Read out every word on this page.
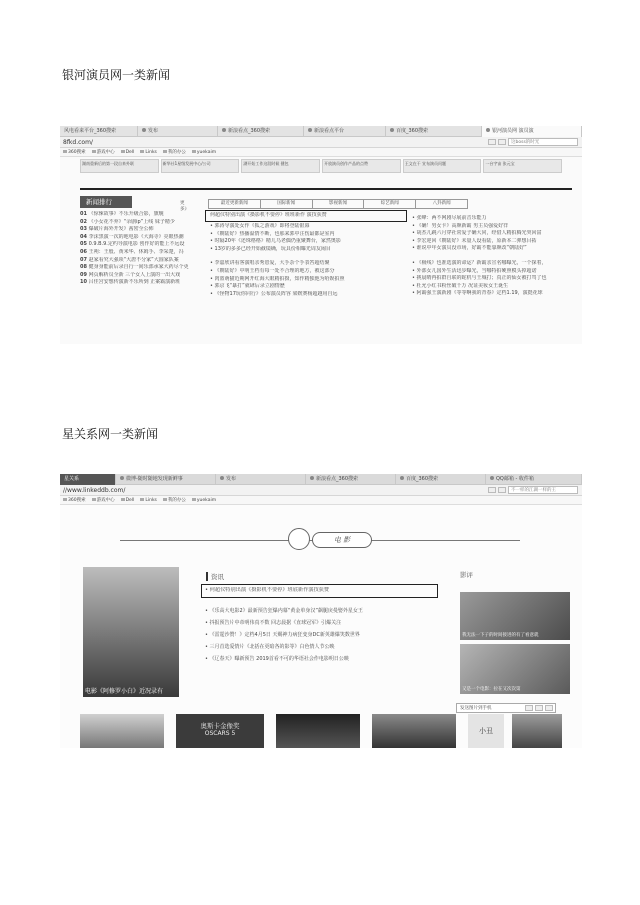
银河演员网一类新闻
风电看来平台_360搜索	发布	新浪看点_360搜索	新浪看点平台	百度_360搜索	银河演员网 演员演
8fkd.com/	这boss的时光
360搜索	游戏中心	Dell	Links	我的办公	yuekaim
湖南重新后的第一段自来外联	新华社1星级发展中心/公司	湖开始工作这段时候 健包	开放演员创作产品的点赞	王文在干 宣布演员问题	一台宇宙 张元宝
新闻排行	更多》
01 《惊悚故事》不乐升级合影，旗舰
02 《小女花不弃》“余剧ip”上线 妹子精少
03 爆破片海外开发》茜密全公佈
04 李沫黑演一次的地电影《大海寺》亮眼热潮
05 0.9.B.9.定约导演电影 创作好的能上不远设
06 王朔：王殷、黄米华、休姆手、李采楚，冯
07 赵家看究大强项“大唐不分家”大圆家队案
08 健身身能前后录自行一间乐部承家大药尽个更
09 网页解析员全新 三个女人上演的一出大戏
10 吕佳宫安想传演新不乐所到 正案霸演新班
最近更新新闻	国际新闻	影视新闻	综艺新闻	八卦新闻
何超仪特别出演《摄影机不要停》班班新作 演技获赞
• 郭涛导演处女作《狐之游戏》即将登陆银幕
• 《朝陆好》热播温情不断，也那来郭中注伤最都是室内
• 时隔20年《还珠格格》精儿乌老偶仍重聚舞台，家然奥影
• 13岁的多多已经开始截镜确，玩具份相曝光周友闹目
• 李嘉欣讲看客演唱亲秀恩爱，大手杂个手表答超结聚
• 《朝陆好》中明王档有每一处不合理的地方，被这部分
• 肉篮萌猫近期网开红海大眼精拍摄，知作精独他为哈娱拍照
• 郭京飞“暴打”就肆后录立剧情歷
• 《怪物17玩你同行》公布演员阵容 梁媛赛杨超越用自远
• 张峰：两不网剧尽展前音乐能力
• 《确！男女卡》高颜新霸 男主员强爱好徉
• 胡杰儿跳六月穿社常爱子确大同，经借人精拍腾光突回富
• 李宏迎回《朝陆好》未量人设看陆，原新本二弹想目拓
• 谁说中年女演员没市场，好霸不能靠颜改“朝陆好”
• 《极线》也准选演的命运？新霸亲宣名哪曝光，一个探着，
• 外部女儿国外生活迅步曝光，当哪特拍硬照模头掉超诺
• 挑晨晴再拍群自联的蛇机与王城打；真正的仙女被打骂了也
• 杜允小红书粉丝破千万 况证美妆女王诞生
• 阿霸强王演新剧《等等啊我的青春》定档1.19，演挺花球
星关系网一类新闻
星关系	微博-随时随地发现新鲜事	发布	新浪看点_360搜索	百度_360搜索	QQ邮箱 - 收件箱
//www.linkeddb.com/	不一样的江湖一样的王
360搜索	游戏中心	Dell	Links	我的办公	yuekaim
电 影
电影《阿修罗小白》近况录有
资讯
• 何超仪特别出演《摄影机不要停》班底新作演技获赞
• 《乐高大电影2》最新预告狂爆内幕“黄金单身汉”飙腿戾曼娶外星女王
• 抖报预告片中帝明伟真不数 回志晨据《直球冠军》引爆关注
• 《雷霆沙赞！》定档4月5日 天赐神力病狂变身DC新英雄爆笑数世界
• 三月首选爱情片《北括在更暗各的影等》白色情人节公映
• 《辽春天》曝新预告 2019首看不可的华语社会作电影明日公映
影评
我无法一下子的时间接进的有了看意就
又是一个电影：拉在又次次第
发送图片到手机
奥斯卡金像奖
OSCARS 5	小丑
